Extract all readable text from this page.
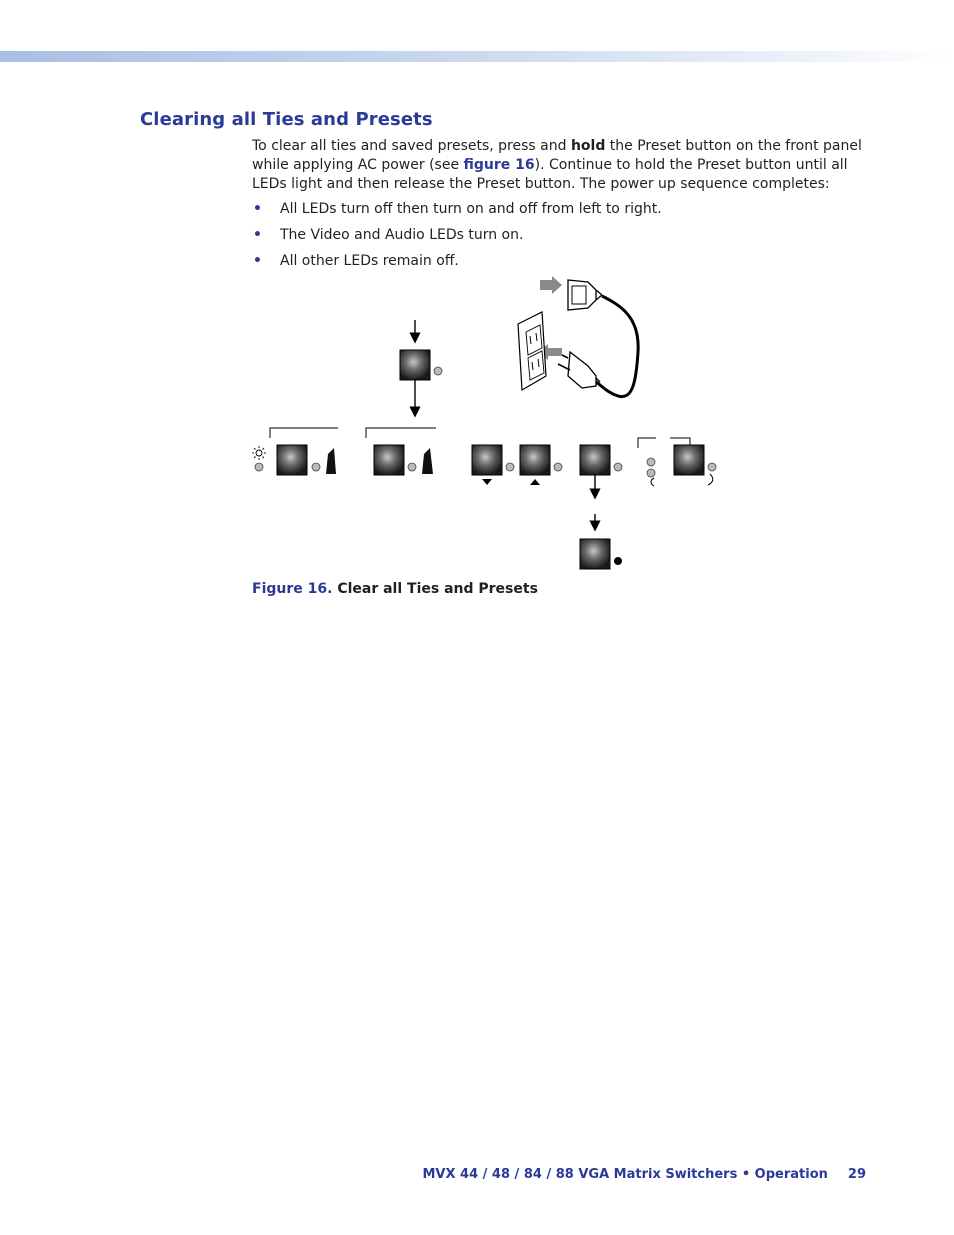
Clearing all Ties and Presets
To clear all ties and saved presets, press and hold the Preset button on the front panel while applying AC power (see figure 16). Continue to hold the Preset button until all LEDs light and then release the Preset button. The power up sequence completes:
• All LEDs turn off then turn on and off from left to right.
• The Video and Audio LEDs turn on.
• All other LEDs remain off.
Figure 16. Clear all Ties and Presets
MVX 44 / 48 / 84 / 88 VGA Matrix Switchers • Operation 29
